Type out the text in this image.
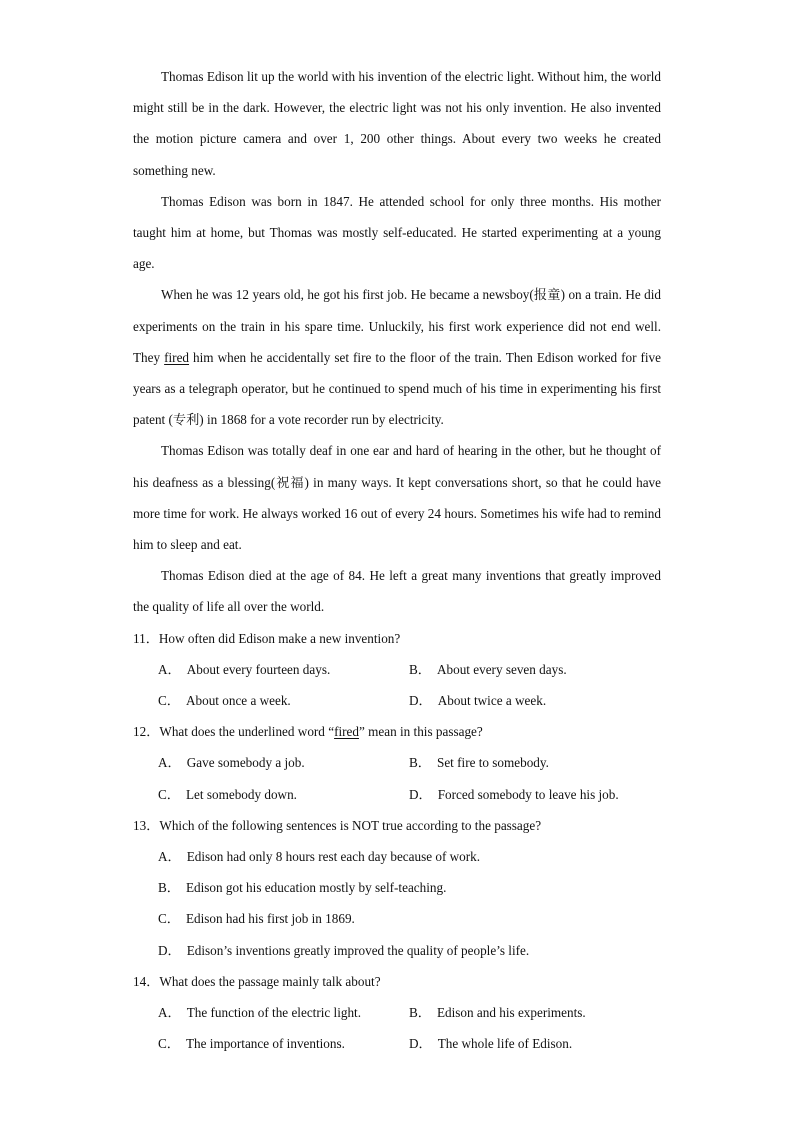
Thomas Edison lit up the world with his invention of the electric light. Without him, the world might still be in the dark. However, the electric light was not his only invention. He also invented the motion picture camera and over 1, 200 other things. About every two weeks he created something new.

Thomas Edison was born in 1847. He attended school for only three months. His mother taught him at home, but Thomas was mostly self-educated. He started experimenting at a young age.

When he was 12 years old, he got his first job. He became a newsboy(报童) on a train. He did experiments on the train in his spare time. Unluckily, his first work experience did not end well. They fired him when he accidentally set fire to the floor of the train. Then Edison worked for five years as a telegraph operator, but he continued to spend much of his time in experimenting his first patent (专利) in 1868 for a vote recorder run by electricity.

Thomas Edison was totally deaf in one ear and hard of hearing in the other, but he thought of his deafness as a blessing(祝福) in many ways. It kept conversations short, so that he could have more time for work. He always worked 16 out of every 24 hours. Sometimes his wife had to remind him to sleep and eat.

Thomas Edison died at the age of 84. He left a great many inventions that greatly improved the quality of life all over the world.

11．How often did Edison make a new invention?

A． About every fourteen days.	B． About every seven days.
C． About once a week.	D． About twice a week.

12．What does the underlined word “fired” mean in this passage?

A． Gave somebody a job.	B． Set fire to somebody.
C． Let somebody down.	D． Forced somebody to leave his job.

13．Which of the following sentences is NOT true according to the passage?

A． Edison had only 8 hours rest each day because of work.
B． Edison got his education mostly by self-teaching.
C． Edison had his first job in 1869.
D． Edison’s inventions greatly improved the quality of people’s life.

14．What does the passage mainly talk about?

A． The function of the electric light.	B． Edison and his experiments.
C． The importance of inventions.	D． The whole life of Edison.
